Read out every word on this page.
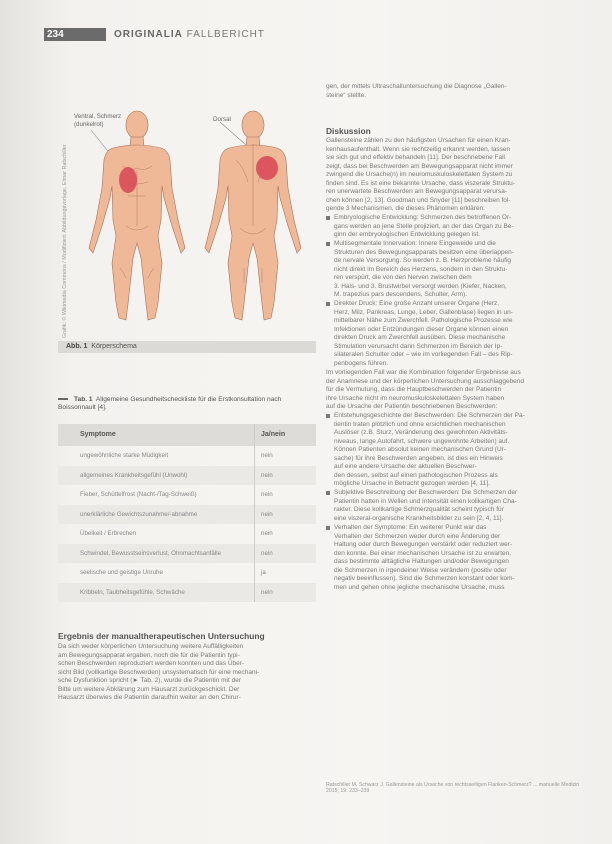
234	ORIGINALIA FALLBERICHT
Grafik: © Wikimedia Commons / Modifiziert: Abbildungsvorlage, Elmar Ratschiller
Ventral, Schmerz
(dunkelrot)
Dorsal
Abb. 1 Körperschema
Tab. 1 Allgemeine Gesundheitscheckliste für die Erstkonsultation nach Boissonnault [4].
Symptome	Ja/nein
ungewöhnliche starke Müdigkeit	nein
allgemeines Krankheitsgefühl (Unwohl)	nein
Fieber, Schüttelfrost (Nacht-/Tag-Schweiß)	nein
unerklärliche Gewichtszunahme/-abnahme	nein
Übelkeit / Erbrechen	nein
Schwindel, Bewusstseinsverlust, Ohnmachtsanfälle	nein
seelische und geistige Unruhe	ja
Kribbeln, Taubheitsgefühle, Schwäche	nein
Ergebnis der manualtherapeutischen Untersuchung

Da sich weder körperlichen Untersuchung weitere Auffälligkeiten

am Bewegungsapparat ergaben, noch die für die Patientin typi-

schen Beschwerden reproduziert werden konnten und das Über-

sicht Bild (vollkartige Beschwerden) unsystematisch für eine mechani-

sche Dysfunktion spricht (► Tab. 2), wurde die Patientin mit der

Bitte um weitere Abklärung zum Hausarzt zurückgeschickt. Der

Hausarzt überwies die Patientin daraufhin weiter an den Chirur-

gen, der mittels Ultraschalluntersuchung die Diagnose „Gallen-

steine“ stellte.

Diskussion

Gallensteine zählen zu den häufigsten Ursachen für einen Kran-

kenhausaufenthalt. Wenn sie rechtzeitig erkannt werden, lassen

sie sich gut und effektiv behandeln [11]. Der beschriebene Fall

zeigt, dass bei Beschwerden am Bewegungsapparat nicht immer

zwingend die Ursache(n) im neuromuskuloskelettalen System zu

finden sind. Es ist eine bekannte Ursache, dass viszerale Struktu-

ren unerwartete Beschwerden am Bewegungsapparat verursa-

chen können [2, 13]. Goodman und Snyder [11] beschreiben fol-

gende 3 Mechanismen, die dieses Phänomen erklären:

Embryologische Entwicklung: Schmerzen des betroffenen Or-

gans werden an jene Stelle projiziert, an der das Organ zu Be-

ginn der embryologischen Entwicklung gelegen ist.

Multisegmentale Innervation: Innere Eingeweide und die

Strukturen des Bewegungsapparats besitzen eine überlappen-

de nervale Versorgung. So werden z. B. Herzprobleme häufig

nicht direkt im Bereich des Herzens, sondern in den Struktu-

ren verspürt, die von den Nerven zwischen dem

3. Hals- und 3. Brustwirbel versorgt werden (Kiefer, Nacken,

M. trapezius pars descendens, Schulter, Arm).

Direkter Druck: Eine große Anzahl unserer Organe (Herz,

Herz, Milz, Pankreas, Lunge, Leber, Gallenblase) liegen in un-

mittelbarer Nähe zum Zwerchfell. Pathologische Prozesse wie

Infektionen oder Entzündungen dieser Organe können einen

direkten Druck am Zwerchfell ausüben. Diese mechanische

Stimulation verursacht dann Schmerzen im Bereich der Ip-

silateralen Schulter oder – wie im vorliegenden Fall – des Rip-

penbogens führen.

Im vorliegenden Fall war die Kombination folgender Ergebnisse aus

der Anamnese und der körperlichen Untersuchung ausschlaggebend

für die Vermutung, dass die Hauptbeschwerden der Patientin

ihre Ursache nicht im neuromuskuloskelettalen System haben

auf die Ursache der Patientin beschriebenen Beschwerden:

Entstehungsgeschichte der Beschwerden: Die Schmerzen der Pa-

tientin traten plötzlich und ohne ersichtlichen mechanischen

Auslöser (z.B. Sturz, Veränderung des gewohnten Aktivitäts-

niveaus, lange Autofahrt, schwere ungewohnte Arbeiten) auf.

Können Patienten absolut keinen mechanischen Grund (Ur-

sache) für ihre Beschwerden angeben, ist dies ein Hinweis

auf eine andere Ursache der aktuellen Beschwer-

den dessen, selbst auf einen pathologischen Prozess als

mögliche Ursache in Betracht gezogen werden [4, 11].

Subjektive Beschreibung der Beschwerden: Die Schmerzen der

Patientin hatten in Wellen und Intensität einen kolikartigen Cha-

rakter. Diese kolikartige Schmerzqualität scheint typisch für

eine viszeral-organische Krankheitsbilder zu sein [2, 4, 11].

Verhalten der Symptome: Ein weiterer Punkt war das

Verhalten der Schmerzen weder durch eine Änderung der

Haltung oder durch Bewegungen verstärkt oder reduziert wer-

den konnte. Bei einer mechanischen Ursache ist zu erwarten,

dass bestimmte alltägliche Haltungen und/oder Bewegungen

die Schmerzen in irgendeiner Weise verändern (positiv oder

negativ beeinflussen). Sind die Schmerzen konstant oder kom-

men und gehen ohne jegliche mechanische Ursache, muss

Ratschiller M, Schwarz J. Gallensteine als Ursache von rechtsseitigen Flanken-Schmerz? ... manuelle Medizin 2015; 19: 233–239
